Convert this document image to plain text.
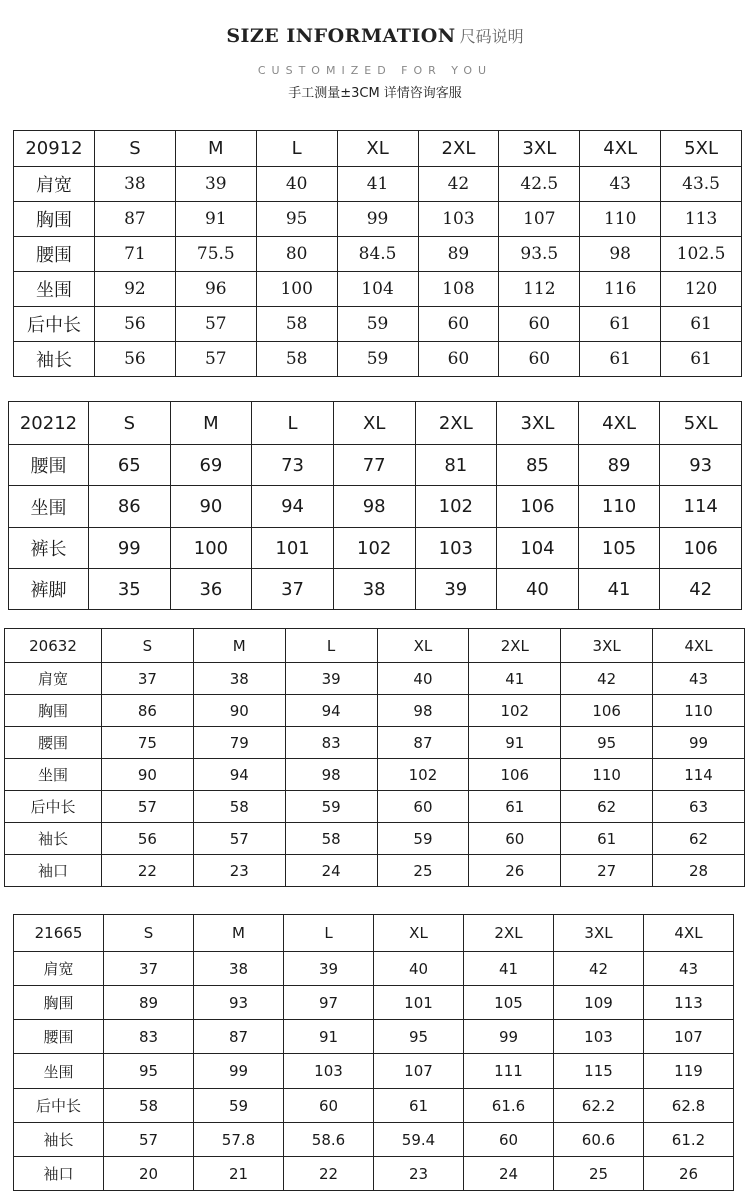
SIZE INFORMATION 尺码说明
CUSTOMIZED FOR YOU
手工测量±3CM 详情咨询客服
20912	S	M	L	XL	2XL	3XL	4XL	5XL
肩宽	38	39	40	41	42	42.5	43	43.5
胸围	87	91	95	99	103	107	110	113
腰围	71	75.5	80	84.5	89	93.5	98	102.5
坐围	92	96	100	104	108	112	116	120
后中长	56	57	58	59	60	60	61	61
袖长	56	57	58	59	60	60	61	61
20212	S	M	L	XL	2XL	3XL	4XL	5XL
腰围	65	69	73	77	81	85	89	93
坐围	86	90	94	98	102	106	110	114
裤长	99	100	101	102	103	104	105	106
裤脚	35	36	37	38	39	40	41	42
20632	S	M	L	XL	2XL	3XL	4XL
肩宽	37	38	39	40	41	42	43
胸围	86	90	94	98	102	106	110
腰围	75	79	83	87	91	95	99
坐围	90	94	98	102	106	110	114
后中长	57	58	59	60	61	62	63
袖长	56	57	58	59	60	61	62
袖口	22	23	24	25	26	27	28
21665	S	M	L	XL	2XL	3XL	4XL
肩宽	37	38	39	40	41	42	43
胸围	89	93	97	101	105	109	113
腰围	83	87	91	95	99	103	107
坐围	95	99	103	107	111	115	119
后中长	58	59	60	61	61.6	62.2	62.8
袖长	57	57.8	58.6	59.4	60	60.6	61.2
袖口	20	21	22	23	24	25	26
